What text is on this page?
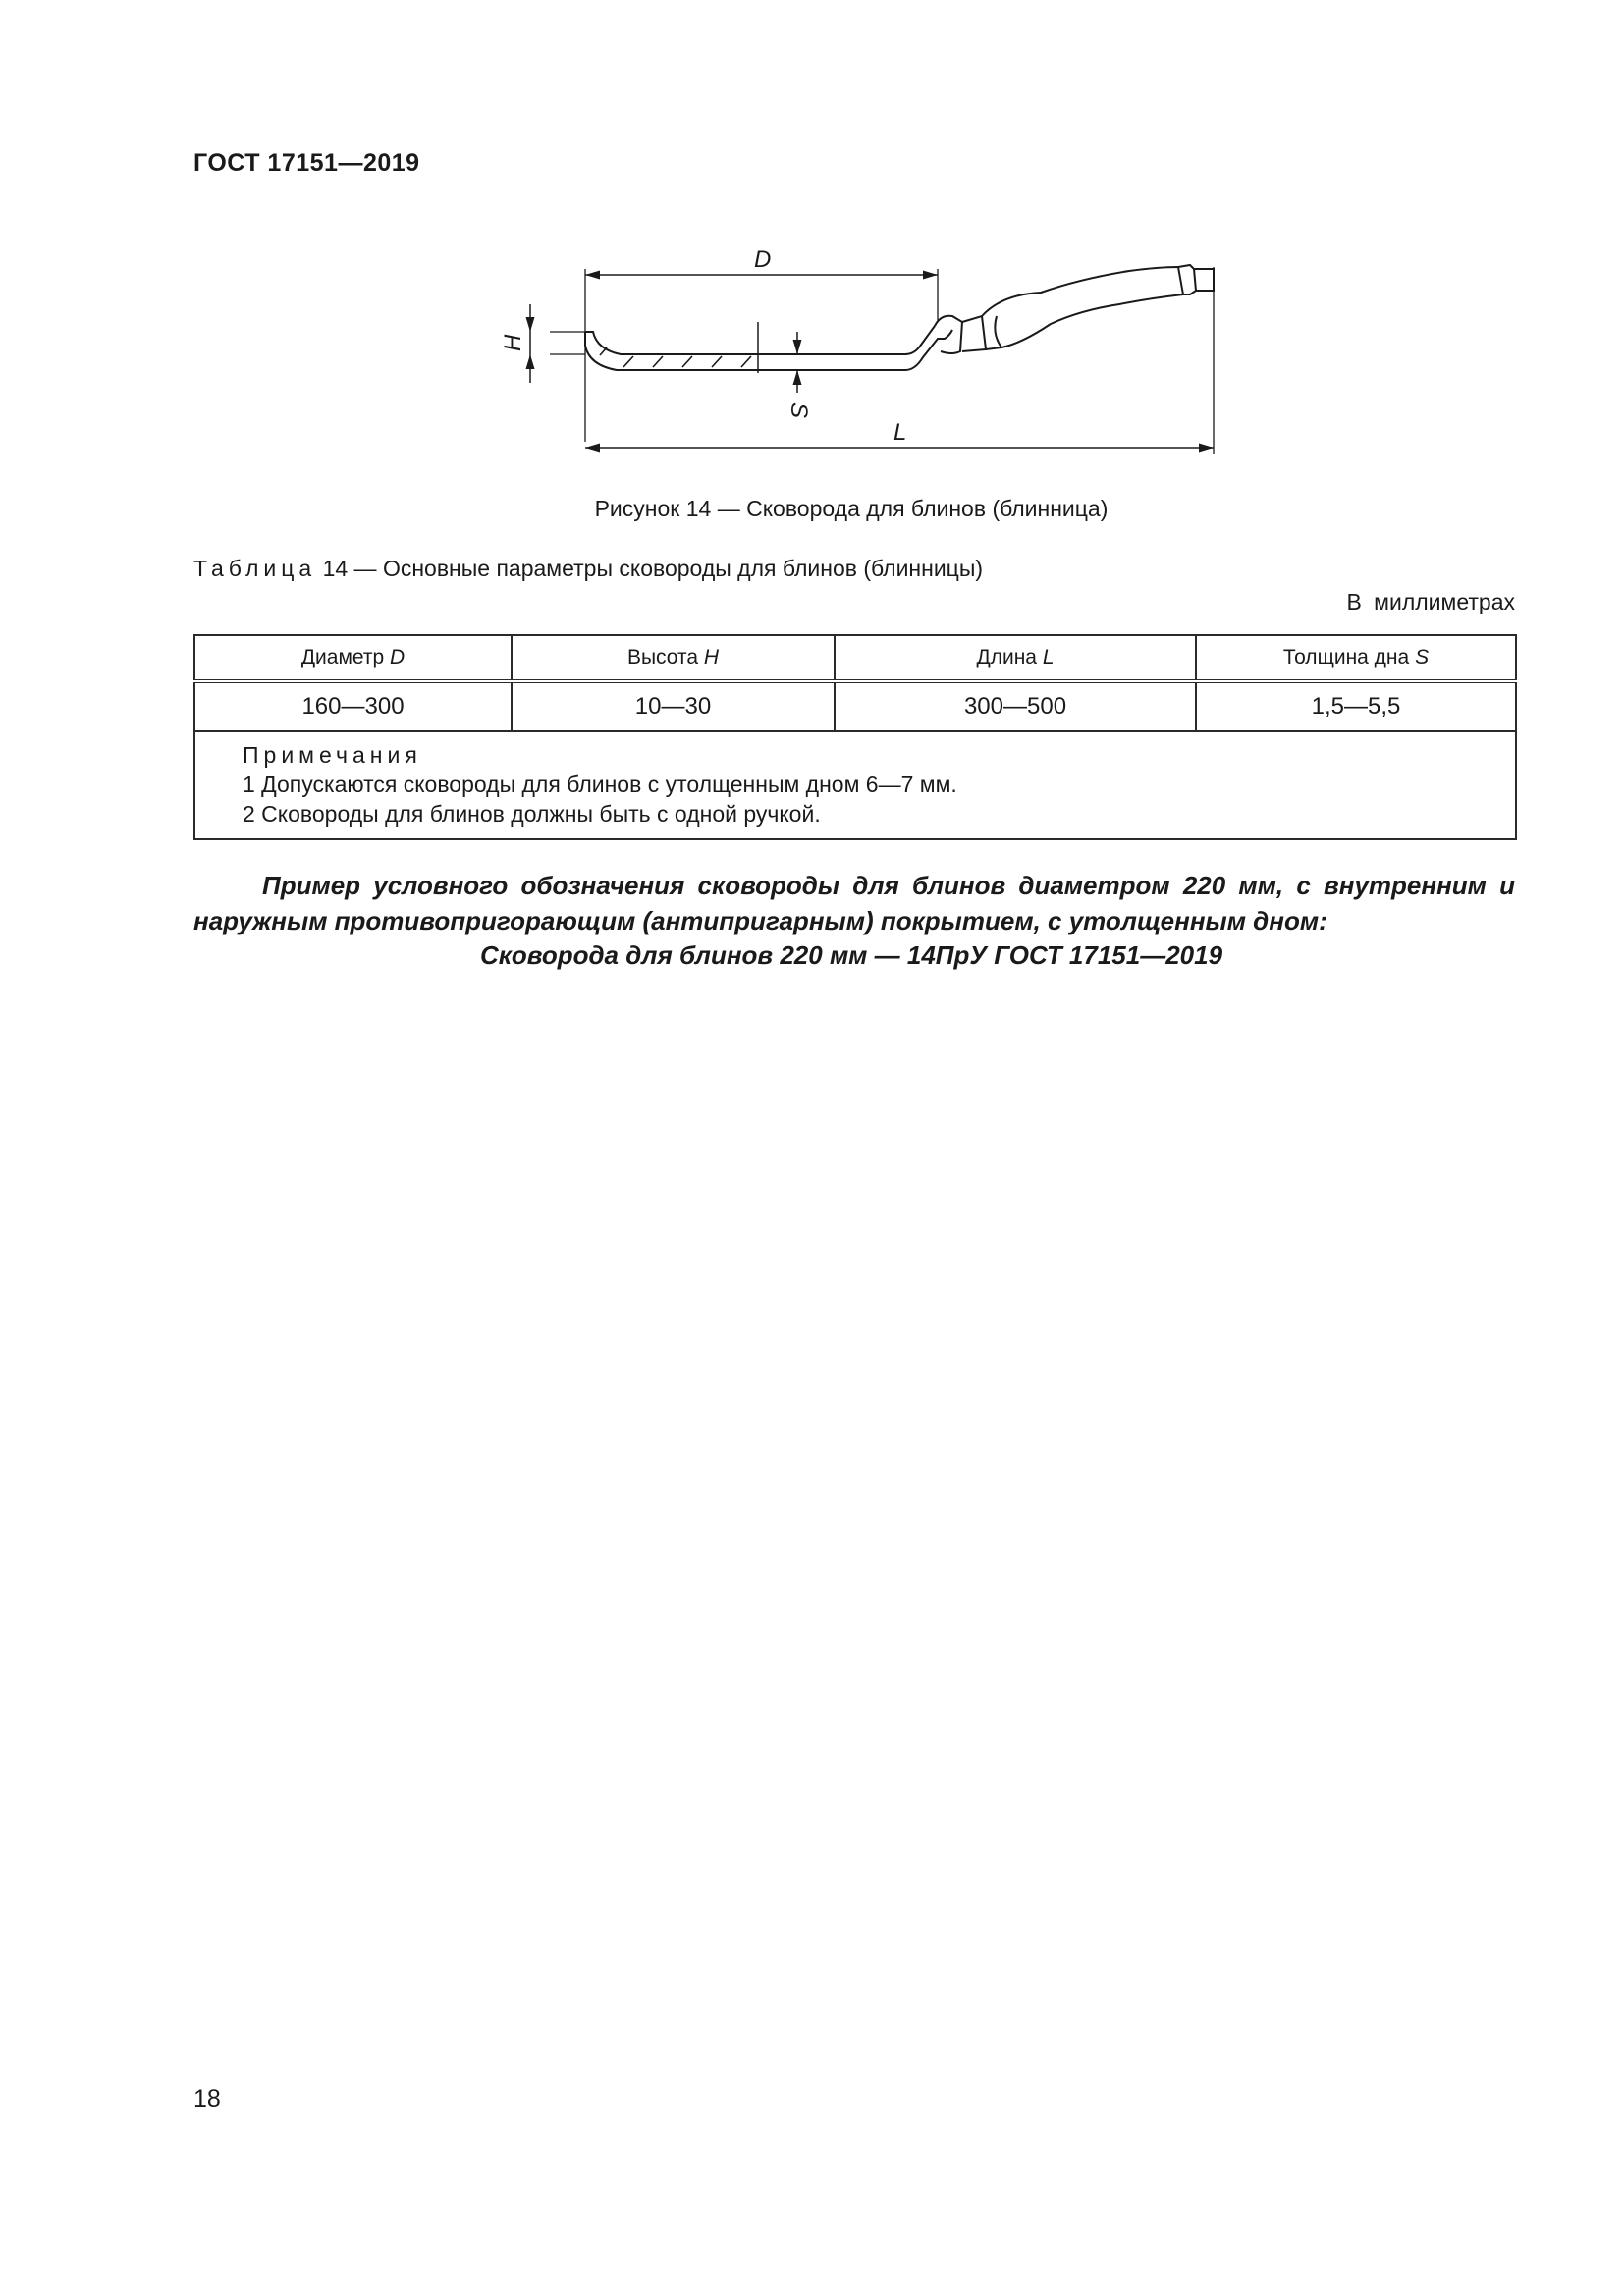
ГОСТ 17151—2019
D
L
H
S
Рисунок 14 — Сковорода для блинов (блинница)
Таблица 14 — Основные параметры сковороды для блинов (блинницы)
В миллиметрах
Диаметр D	Высота H	Длина L	Толщина дна S
160—300	10—30	300—500	1,5—5,5

Примечания
1 Допускаются сковороды для блинов с утолщенным дном 6—7 мм.
2 Сковороды для блинов должны быть с одной ручкой.			

Пример условного обозначения сковороды для блинов диаметром 220 мм, с внутренним и наружным противопригорающим (антипригарным) покрытием, с утолщенным дном:

Сковорода для блинов 220 мм — 14ПрУ ГОСТ 17151—2019
18
